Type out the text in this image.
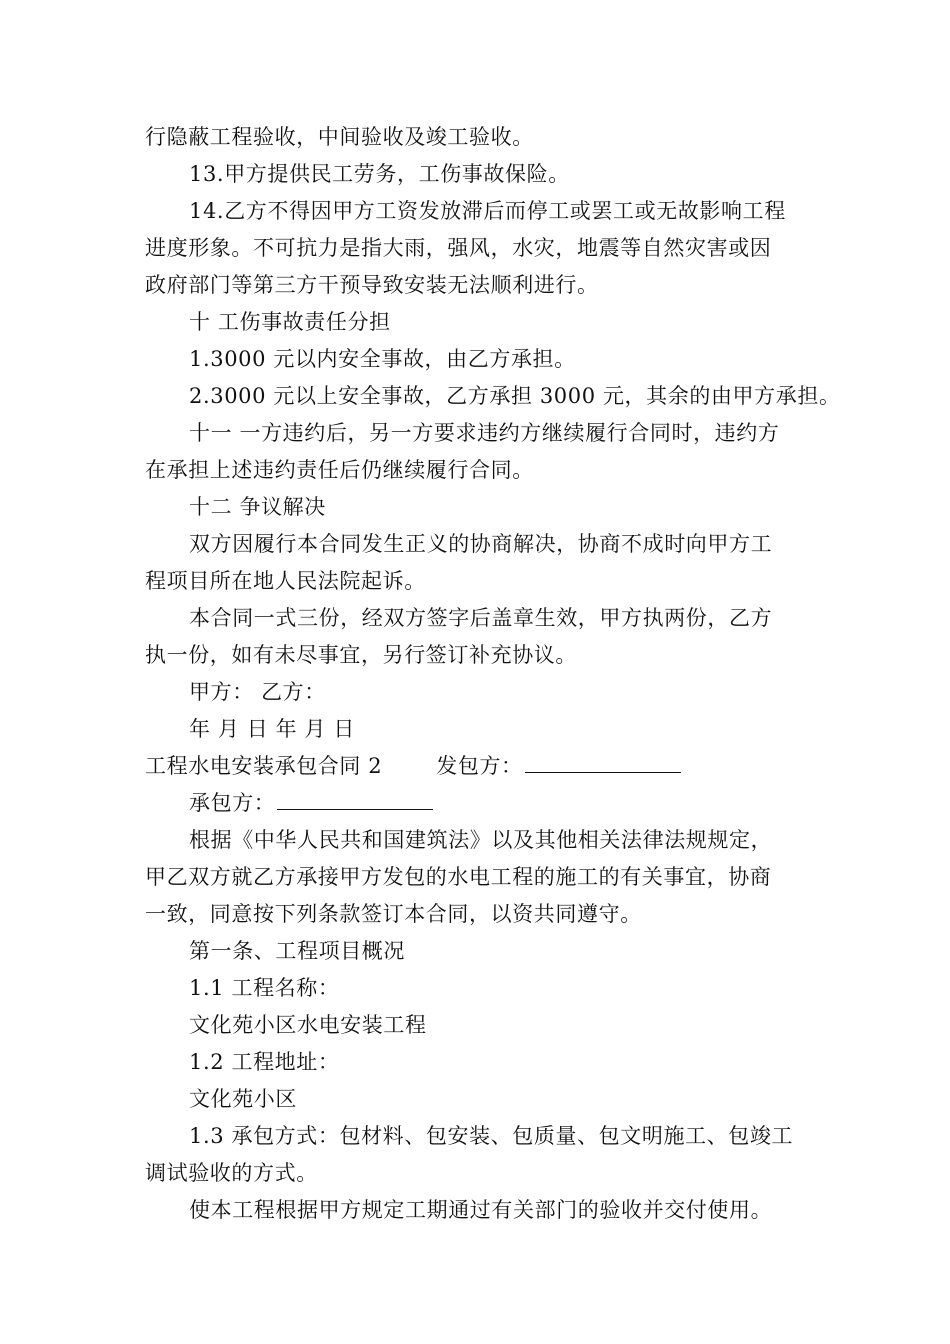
行隐蔽工程验收，中间验收及竣工验收。
13.甲方提供民工劳务，工伤事故保险。
14.乙方不得因甲方工资发放滞后而停工或罢工或无故影响工程
进度形象。不可抗力是指大雨，强风，水灾，地震等自然灾害或因
政府部门等第三方干预导致安装无法顺利进行。
十 工伤事故责任分担
1.3000 元以内安全事故，由乙方承担。
2.3000 元以上安全事故，乙方承担 3000 元，其余的由甲方承担。
十一 一方违约后，另一方要求违约方继续履行合同时，违约方
在承担上述违约责任后仍继续履行合同。
十二 争议解决
双方因履行本合同发生正义的协商解决，协商不成时向甲方工
程项目所在地人民法院起诉。
本合同一式三份，经双方签字后盖章生效，甲方执两份，乙方
执一份，如有未尽事宜，另行签订补充协议。
甲方： 乙方：
年 月 日 年 月 日
工程水电安装承包合同 2	发包方：
承包方：
根据《中华人民共和国建筑法》以及其他相关法律法规规定，
甲乙双方就乙方承接甲方发包的水电工程的施工的有关事宜，协商
一致，同意按下列条款签订本合同，以资共同遵守。
第一条、工程项目概况
1.1 工程名称：
文化苑小区水电安装工程
1.2 工程地址：
文化苑小区
1.3 承包方式：包材料、包安装、包质量、包文明施工、包竣工
调试验收的方式。
使本工程根据甲方规定工期通过有关部门的验收并交付使用。
